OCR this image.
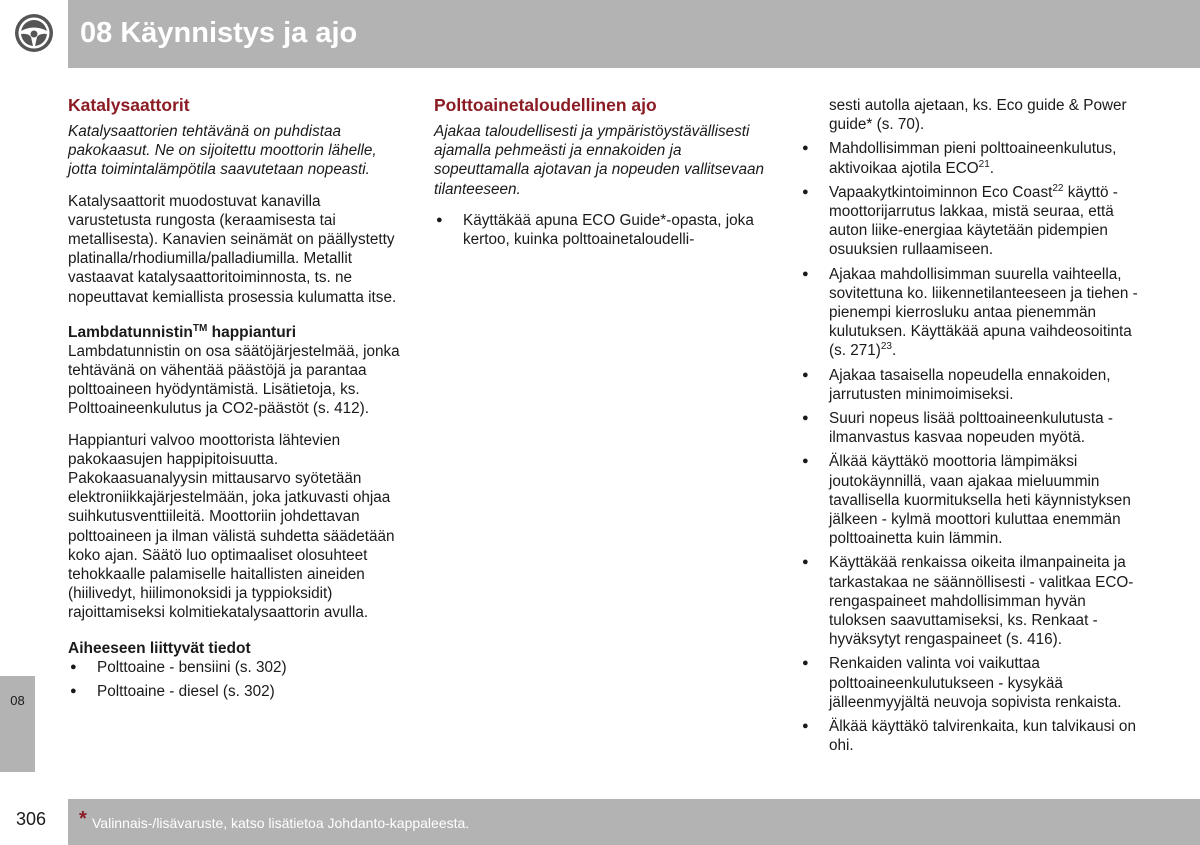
08 Käynnistys ja ajo
08
306 * Valinnais-/lisävaruste, katso lisätietoa Johdanto-kappaleesta.
Katalysaattorit

Katalysaattorien tehtävänä on puhdistaa pakokaasut. Ne on sijoitettu moottorin lähelle, jotta toimintalämpötila saavutetaan nopeasti.

Katalysaattorit muodostuvat kanavilla varustetusta rungosta (keraamisesta tai metallisesta). Kanavien seinämät on päällystetty platinalla/rhodiumilla/palladiumilla. Metallit vastaavat katalysaattoritoiminnosta, ts. ne nopeuttavat kemiallista prosessia kulumatta itse.

Lambdatunnistin™ happianturi

Lambdatunnistin on osa säätöjärjestelmää, jonka tehtävänä on vähentää päästöjä ja parantaa polttoaineen hyödyntämistä. Lisätietoja, ks. Polttoaineenkulutus ja CO2-päästöt (s. 412).

Happianturi valvoo moottorista lähtevien pakokaasujen happipitoisuutta. Pakokaasuanalyysin mittausarvo syötetään elektroniikkajärjestelmään, joka jatkuvasti ohjaa suihkutusventtiileitä. Moottoriin johdettavan polttoaineen ja ilman välistä suhdetta säädetään koko ajan. Säätö luo optimaaliset olosuhteet tehokkaalle palamiselle haitallisten aineiden (hiilivedyt, hiilimonoksidi ja typpioksidit) rajoittamiseksi kolmitiekatalysaattorin avulla.

Aiheeseen liittyvät tiedot
● Polttoaine - bensiini (s. 302)
● Polttoaine - diesel (s. 302)
Polttoainetaloudellinen ajo

Ajakaa taloudellisesti ja ympäristöystävällisesti ajamalla pehmeästi ja ennakoiden ja sopeuttamalla ajotavan ja nopeuden vallitsevaan tilanteeseen.

● Käyttäkää apuna ECO Guide*-opasta, joka kertoo, kuinka polttoainetaloudelli-

sesti autolla ajetaan, ks. Eco guide & Power guide* (s. 70).

● Mahdollisimman pieni polttoaineenkulutus, aktivoikaa ajotila ECO$^{21}$.
● Vapaakytkintoiminnon Eco Coast$^{22}$ käyttö - moottorijarrutus lakkaa, mistä seuraa, että auton liike-energiaa käytetään pidempien osuuksien rullaamiseen.
● Ajakaa mahdollisimman suurella vaihteella, sovitettuna ko. liikennetilanteeseen ja tiehen - pienempi kierrosluku antaa pienemmän kulutuksen. Käyttäkää apuna vaihdeosoitinta (s. 271)$^{23}$.
● Ajakaa tasaisella nopeudella ennakoiden, jarrutusten minimoimiseksi.
● Suuri nopeus lisää polttoaineenkulutusta - ilmanvastus kasvaa nopeuden myötä.
● Älkää käyttäkö moottoria lämpimäksi joutokäynnillä, vaan ajakaa mieluummin tavallisella kuormituksella heti käynnistyksen jälkeen - kylmä moottori kuluttaa enemmän polttoainetta kuin lämmin.
● Käyttäkää renkaissa oikeita ilmanpaineita ja tarkastakaa ne säännöllisesti - valitkaa ECO-rengaspaineet mahdollisimman hyvän tuloksen saavuttamiseksi, ks. Renkaat - hyväksytyt rengaspaineet (s. 416).
● Renkaiden valinta voi vaikuttaa polttoaineenkulutukseen - kysykää jälleenmyyjältä neuvoja sopivista renkaista.
● Älkää käyttäkö talvirenkaita, kun talvikausi on ohi.
